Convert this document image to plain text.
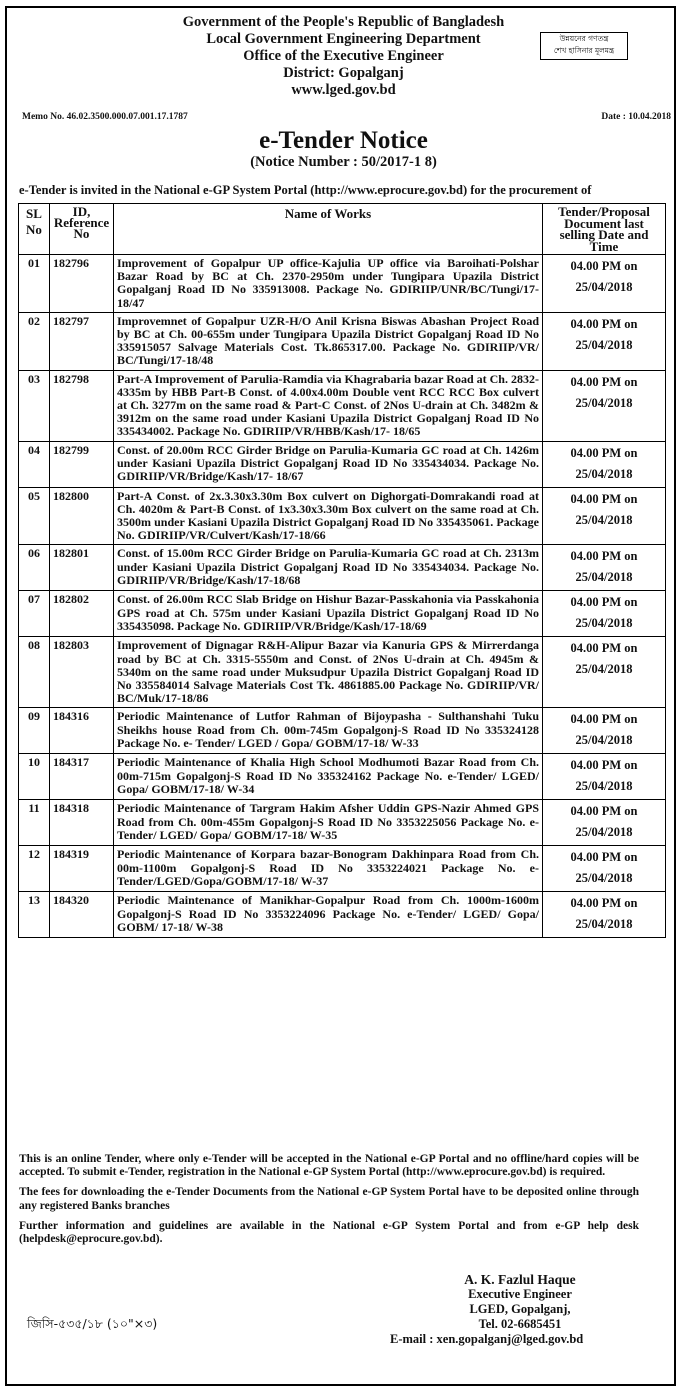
Government of the People's Republic of Bangladesh
Local Government Engineering Department
Office of the Executive Engineer
District: Gopalganj
www.lged.gov.bd
উন্নয়নের গণতন্ত্র
শেখ হাসিনার মূলমন্ত্র
Memo No. 46.02.3500.000.07.001.17.1787	Date : 10.04.2018
e-Tender Notice
(Notice Number : 50/2017-1 8)
e-Tender is invited in the National e-GP System Portal (http://www.eprocure.gov.bd) for the procurement of
SL No	ID, Reference No	Name of Works	Tender/Proposal Document last selling Date and Time
01	182796	Improvement of Gopalpur UP office-Kajulia UP office via Baroihati-Polshar Bazar Road by BC at Ch. 2370-2950m under Tungipara Upazila District Gopalganj Road ID No 335913008. Package No. GDIRIIP/UNR/BC/Tungi/17-18/47	04.00 PM on
25/04/2018

02	182797	Improvemnet of Gopalpur UZR-H/O Anil Krisna Biswas Abashan Project Road by BC at Ch. 00-655m under Tungipara Upazila District Gopalganj Road ID No 335915057 Salvage Materials Cost. Tk.865317.00. Package No. GDIRIIP/VR/ BC/Tungi/17-18/48	04.00 PM on
25/04/2018

03	182798	Part-A Improvement of Parulia-Ramdia via Khagrabaria bazar Road at Ch. 2832-4335m by HBB Part-B Const. of 4.00x4.00m Double vent RCC RCC Box culvert at Ch. 3277m on the same road & Part-C Const. of 2Nos U-drain at Ch. 3482m & 3912m on the same road under Kasiani Upazila District Gopalganj Road ID No 335434002. Package No. GDIRIIP/VR/HBB/Kash/17- 18/65	04.00 PM on
25/04/2018

04	182799	Const. of 20.00m RCC Girder Bridge on Parulia-Kumaria GC road at Ch. 1426m under Kasiani Upazila District Gopalganj Road ID No 335434034. Package No. GDIRIIP/VR/Bridge/Kash/17- 18/67	04.00 PM on
25/04/2018

05	182800	Part-A Const. of 2x.3.30x3.30m Box culvert on Dighorgati-Domrakandi road at Ch. 4020m & Part-B Const. of 1x3.30x3.30m Box culvert on the same road at Ch. 3500m under Kasiani Upazila District Gopalganj Road ID No 335435061. Package No. GDIRIIP/VR/Culvert/Kash/17-18/66	04.00 PM on
25/04/2018

06	182801	Const. of 15.00m RCC Girder Bridge on Parulia-Kumaria GC road at Ch. 2313m under Kasiani Upazila District Gopalganj Road ID No 335434034. Package No. GDIRIIP/VR/Bridge/Kash/17-18/68	04.00 PM on
25/04/2018

07	182802	Const. of 26.00m RCC Slab Bridge on Hishur Bazar-Passkahonia via Passkahonia GPS road at Ch. 575m under Kasiani Upazila District Gopalganj Road ID No 335435098. Package No. GDIRIIP/VR/Bridge/Kash/17-18/69	04.00 PM on
25/04/2018

08	182803	Improvement of Dignagar R&H-Alipur Bazar via Kanuria GPS & Mirrerdanga road by BC at Ch. 3315-5550m and Const. of 2Nos U-drain at Ch. 4945m & 5340m on the same road under Muksudpur Upazila District Gopalganj Road ID No 335584014 Salvage Materials Cost Tk. 4861885.00 Package No. GDIRIIP/VR/ BC/Muk/17-18/86	04.00 PM on
25/04/2018

09	184316	Periodic Maintenance of Lutfor Rahman of Bijoypasha - Sulthanshahi Tuku Sheikhs house Road from Ch. 00m-745m Gopalgonj-S Road ID No 335324128 Package No. e- Tender/ LGED / Gopa/ GOBM/17-18/ W-33	04.00 PM on
25/04/2018

10	184317	Periodic Maintenance of Khalia High School Modhumoti Bazar Road from Ch. 00m-715m Gopalgonj-S Road ID No 335324162 Package No. e-Tender/ LGED/ Gopa/ GOBM/17-18/ W-34	04.00 PM on
25/04/2018

11	184318	Periodic Maintenance of Targram Hakim Afsher Uddin GPS-Nazir Ahmed GPS Road from Ch. 00m-455m Gopalgonj-S Road ID No 3353225056 Package No. e- Tender/ LGED/ Gopa/ GOBM/17-18/ W-35	04.00 PM on
25/04/2018

12	184319	Periodic Maintenance of Korpara bazar-Bonogram Dakhinpara Road from Ch. 00m-1100m Gopalgonj-S Road ID No 3353224021 Package No. e-Tender/LGED/Gopa/GOBM/17-18/ W-37	04.00 PM on
25/04/2018

13	184320	Periodic Maintenance of Manikhar-Gopalpur Road from Ch. 1000m-1600m Gopalgonj-S Road ID No 3353224096 Package No. e-Tender/ LGED/ Gopa/ GOBM/ 17-18/ W-38	04.00 PM on
25/04/2018

This is an online Tender, where only e-Tender will be accepted in the National e-GP Portal and no offline/hard copies will be accepted. To submit e-Tender, registration in the National e-GP System Portal (http://www.eprocure.gov.bd) is required.

The fees for downloading the e-Tender Documents from the National e-GP System Portal have to be deposited online through any registered Banks branches

Further information and guidelines are available in the National e-GP System Portal and from e-GP help desk (helpdesk@eprocure.gov.bd).

জিসি-৫৩৫/১৮ (১০"×৩)
A. K. Fazlul Haque
Executive Engineer
LGED, Gopalganj,
Tel. 02-6685451
E-mail : xen.gopalganj@lged.gov.bd
